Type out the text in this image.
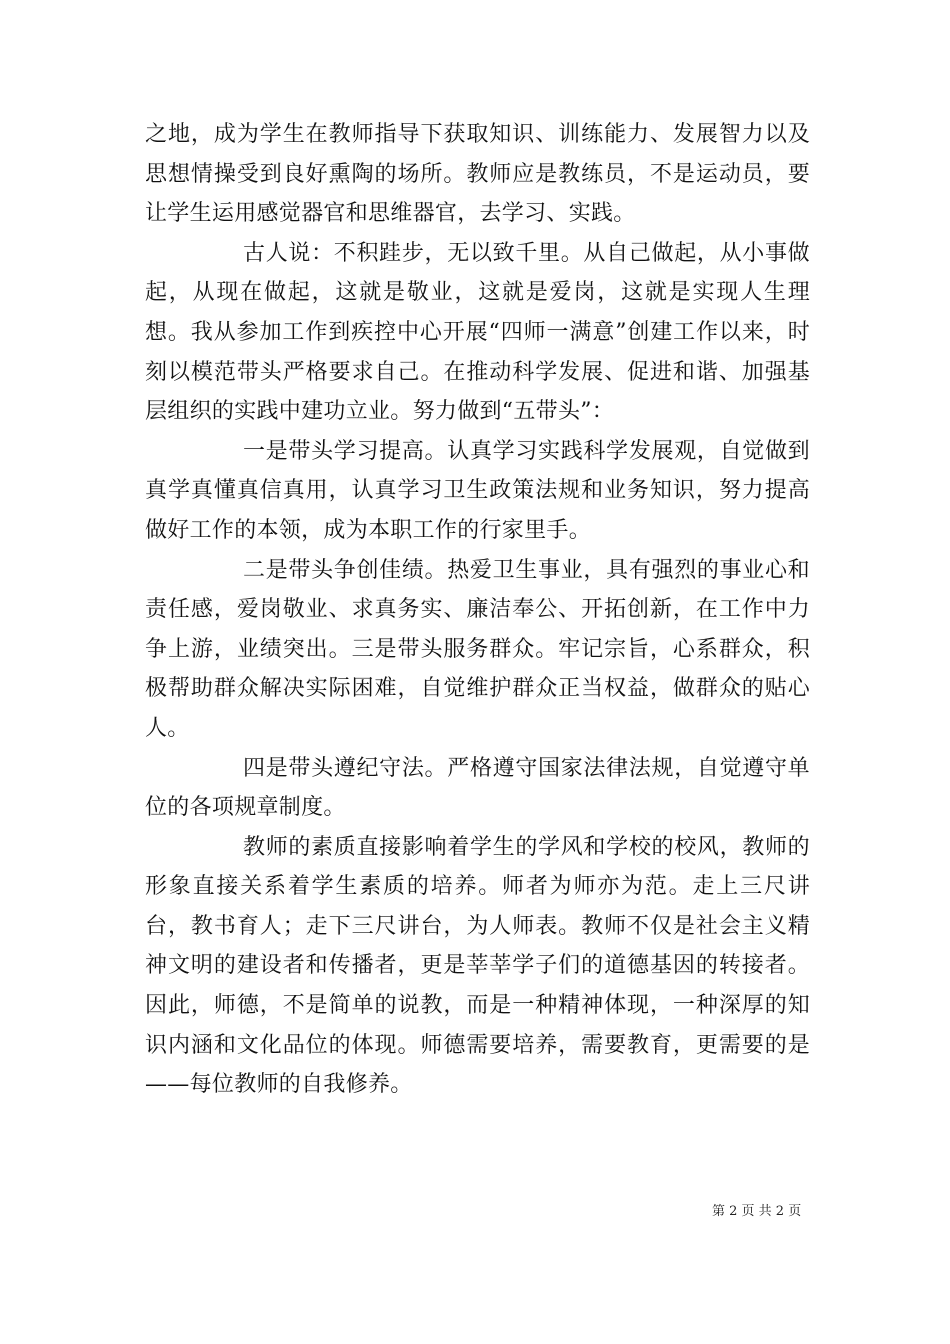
之地，成为学生在教师指导下获取知识、训练能力、发展智力以及思想情操受到良好熏陶的场所。教师应是教练员，不是运动员，要让学生运用感觉器官和思维器官，去学习、实践。

古人说：不积跬步，无以致千里。从自己做起，从小事做起，从现在做起，这就是敬业，这就是爱岗，这就是实现人生理想。我从参加工作到疾控中心开展“四师一满意”创建工作以来，时刻以模范带头严格要求自己。在推动科学发展、促进和谐、加强基层组织的实践中建功立业。努力做到“五带头”：

一是带头学习提高。认真学习实践科学发展观，自觉做到真学真懂真信真用，认真学习卫生政策法规和业务知识，努力提高做好工作的本领，成为本职工作的行家里手。

二是带头争创佳绩。热爱卫生事业，具有强烈的事业心和责任感，爱岗敬业、求真务实、廉洁奉公、开拓创新，在工作中力争上游，业绩突出。三是带头服务群众。牢记宗旨，心系群众，积极帮助群众解决实际困难，自觉维护群众正当权益，做群众的贴心人。

四是带头遵纪守法。严格遵守国家法律法规，自觉遵守单位的各项规章制度。

教师的素质直接影响着学生的学风和学校的校风，教师的形象直接关系着学生素质的培养。师者为师亦为范。走上三尺讲台，教书育人；走下三尺讲台，为人师表。教师不仅是社会主义精神文明的建设者和传播者，更是莘莘学子们的道德基因的转接者。因此，师德，不是简单的说教，而是一种精神体现，一种深厚的知识内涵和文化品位的体现。师德需要培养，需要教育，更需要的是——每位教师的自我修养。

第 2 页 共 2 页
